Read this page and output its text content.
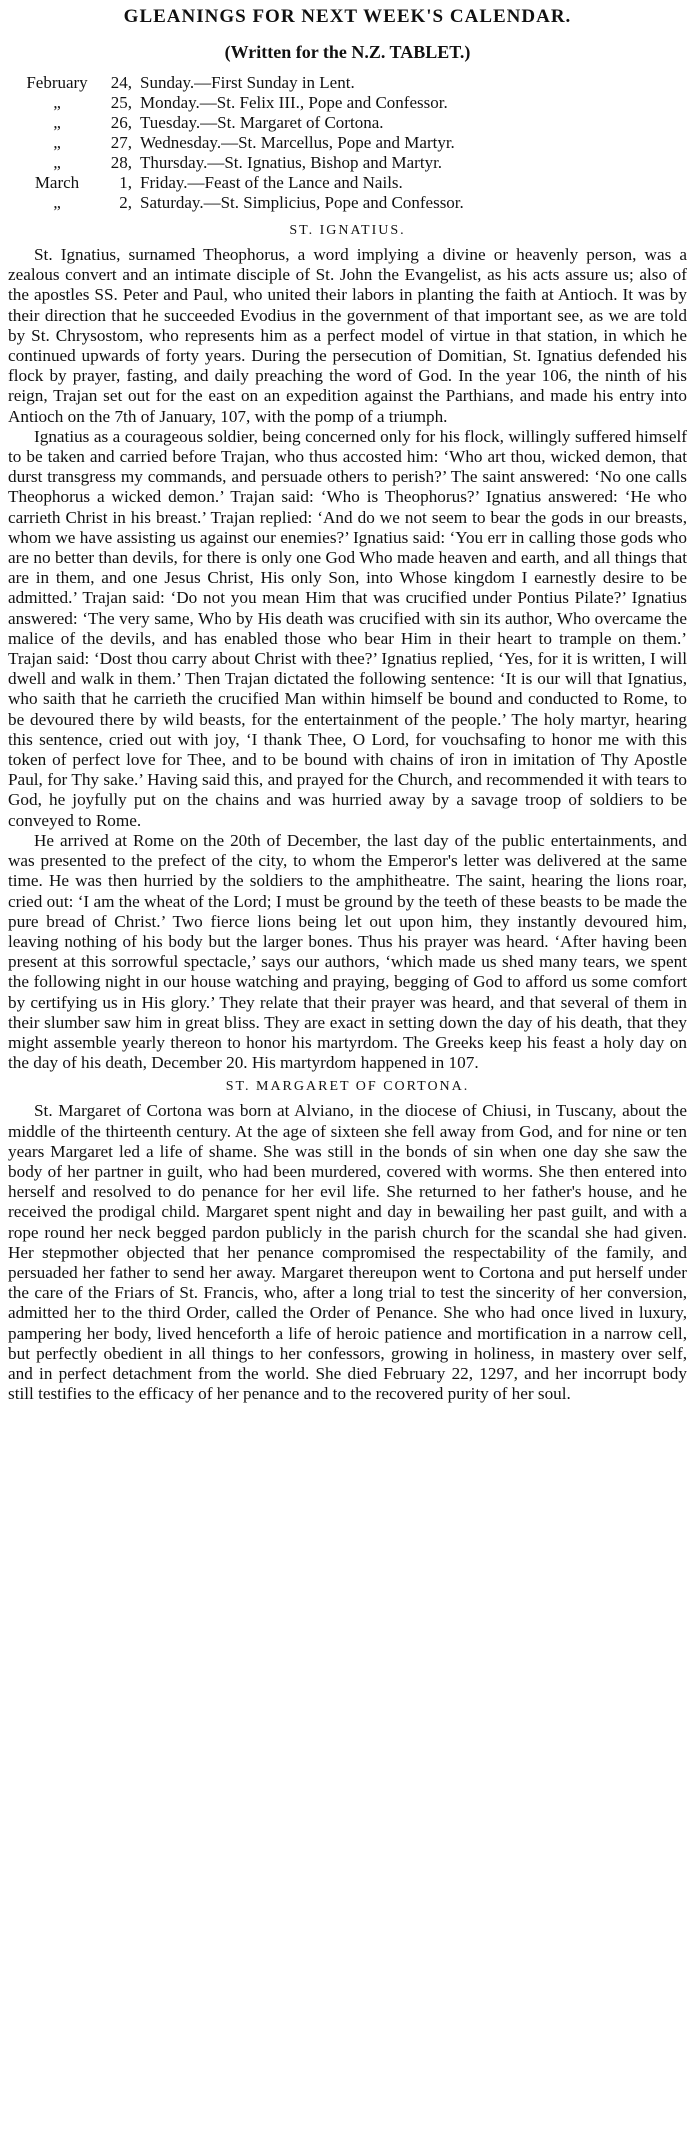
GLEANINGS FOR NEXT WEEK'S CALENDAR.
(Written for the N.Z. TABLET.)
February	24, Sunday.—First Sunday in Lent.
„	25, Monday.—St. Felix III., Pope and Confessor.
„	26, Tuesday.—St. Margaret of Cortona.
„	27, Wednesday.—St. Marcellus, Pope and Martyr.
„	28, Thursday.—St. Ignatius, Bishop and Martyr.
March	1, Friday.—Feast of the Lance and Nails.
„	2, Saturday.—St. Simplicius, Pope and Confessor.
ST. IGNATIUS.

St. Ignatius, surnamed Theophorus, a word implying a divine or heavenly person, was a zealous convert and an intimate disciple of St. John the Evangelist, as his acts assure us; also of the apostles SS. Peter and Paul, who united their labors in planting the faith at Antioch. It was by their direction that he succeeded Evodius in the government of that important see, as we are told by St. Chrysostom, who represents him as a perfect model of virtue in that station, in which he continued upwards of forty years. During the persecution of Domitian, St. Ignatius defended his flock by prayer, fasting, and daily preaching the word of God. In the year 106, the ninth of his reign, Trajan set out for the east on an expedition against the Parthians, and made his entry into Antioch on the 7th of January, 107, with the pomp of a triumph.

Ignatius as a courageous soldier, being concerned only for his flock, willingly suffered himself to be taken and carried before Trajan, who thus accosted him: ‘Who art thou, wicked demon, that durst transgress my commands, and persuade others to perish?’ The saint answered: ‘No one calls Theophorus a wicked demon.’ Trajan said: ‘Who is Theophorus?’ Ignatius answered: ‘He who carrieth Christ in his breast.’ Trajan replied: ‘And do we not seem to bear the gods in our breasts, whom we have assisting us against our enemies?’ Ignatius said: ‘You err in calling those gods who are no better than devils, for there is only one God Who made heaven and earth, and all things that are in them, and one Jesus Christ, His only Son, into Whose kingdom I earnestly desire to be admitted.’ Trajan said: ‘Do not you mean Him that was crucified under Pontius Pilate?’ Ignatius answered: ‘The very same, Who by His death was crucified with sin its author, Who overcame the malice of the devils, and has enabled those who bear Him in their heart to trample on them.’ Trajan said: ‘Dost thou carry about Christ with thee?’ Ignatius replied, ‘Yes, for it is written, I will dwell and walk in them.’ Then Trajan dictated the following sentence: ‘It is our will that Ignatius, who saith that he carrieth the crucified Man within himself be bound and conducted to Rome, to be devoured there by wild beasts, for the entertainment of the people.’ The holy martyr, hearing this sentence, cried out with joy, ‘I thank Thee, O Lord, for vouchsafing to honor me with this token of perfect love for Thee, and to be bound with chains of iron in imitation of Thy Apostle Paul, for Thy sake.’ Having said this, and prayed for the Church, and recommended it with tears to God, he joyfully put on the chains and was hurried away by a savage troop of soldiers to be conveyed to Rome.

He arrived at Rome on the 20th of December, the last day of the public entertainments, and was presented to the prefect of the city, to whom the Emperor's letter was delivered at the same time. He was then hurried by the soldiers to the amphitheatre. The saint, hearing the lions roar, cried out: ‘I am the wheat of the Lord; I must be ground by the teeth of these beasts to be made the pure bread of Christ.’ Two fierce lions being let out upon him, they instantly devoured him, leaving nothing of his body but the larger bones. Thus his prayer was heard. ‘After having been present at this sorrowful spectacle,’ says our authors, ‘which made us shed many tears, we spent the following night in our house watching and praying, begging of God to afford us some comfort by certifying us in His glory.’ They relate that their prayer was heard, and that several of them in their slumber saw him in great bliss. They are exact in setting down the day of his death, that they might assemble yearly thereon to honor his martyrdom. The Greeks keep his feast a holy day on the day of his death, December 20. His martyrdom happened in 107.

ST. MARGARET OF CORTONA.

St. Margaret of Cortona was born at Alviano, in the diocese of Chiusi, in Tuscany, about the middle of the thirteenth century. At the age of sixteen she fell away from God, and for nine or ten years Margaret led a life of shame. She was still in the bonds of sin when one day she saw the body of her partner in guilt, who had been murdered, covered with worms. She then entered into herself and resolved to do penance for her evil life. She returned to her father's house, and he received the prodigal child. Margaret spent night and day in bewailing her past guilt, and with a rope round her neck begged pardon publicly in the parish church for the scandal she had given. Her stepmother objected that her penance compromised the respectability of the family, and persuaded her father to send her away. Margaret thereupon went to Cortona and put herself under the care of the Friars of St. Francis, who, after a long trial to test the sincerity of her conversion, admitted her to the third Order, called the Order of Penance. She who had once lived in luxury, pampering her body, lived henceforth a life of heroic patience and mortification in a narrow cell, but perfectly obedient in all things to her confessors, growing in holiness, in mastery over self, and in perfect detachment from the world. She died February 22, 1297, and her incorrupt body still testifies to the efficacy of her penance and to the recovered purity of her soul.
